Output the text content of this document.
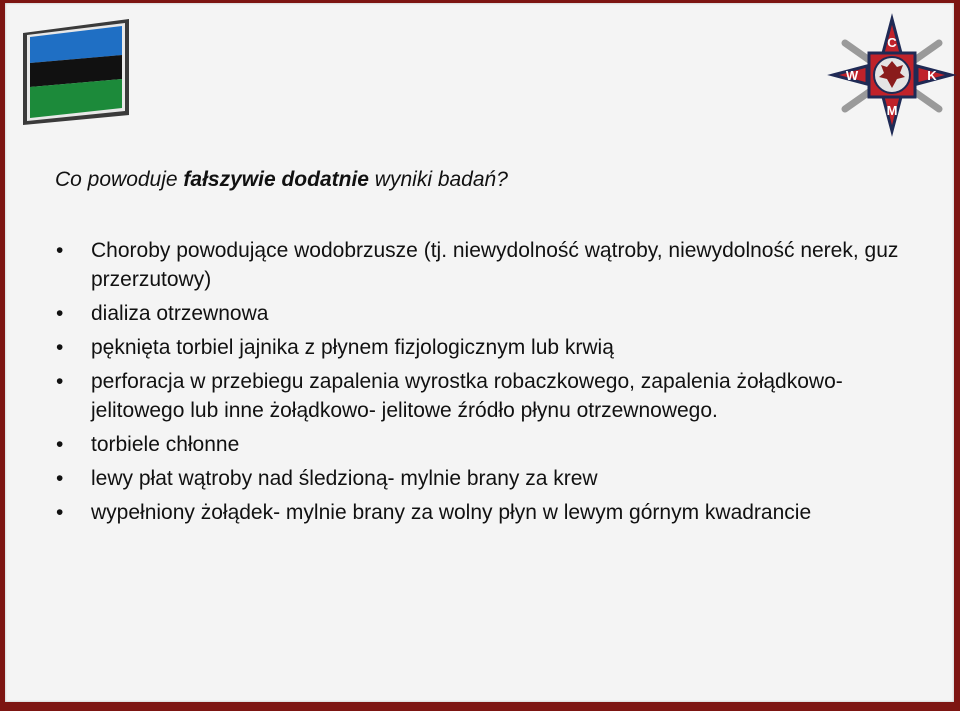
C
W	K
M
Co powoduje fałszywie dodatnie wyniki badań?
• Choroby powodujące wodobrzusze (tj. niewydolność wątroby, niewydolność nerek, guz przerzutowy)
• dializa otrzewnowa
• pęknięta torbiel jajnika z płynem fizjologicznym lub krwią
• perforacja w przebiegu zapalenia wyrostka robaczkowego, zapalenia żołądkowo- jelitowego lub inne żołądkowo- jelitowe źródło płynu otrzewnowego.
• torbiele chłonne
• lewy płat wątroby nad śledzioną- mylnie brany za krew
• wypełniony żołądek- mylnie brany za wolny płyn w lewym górnym kwadrancie
